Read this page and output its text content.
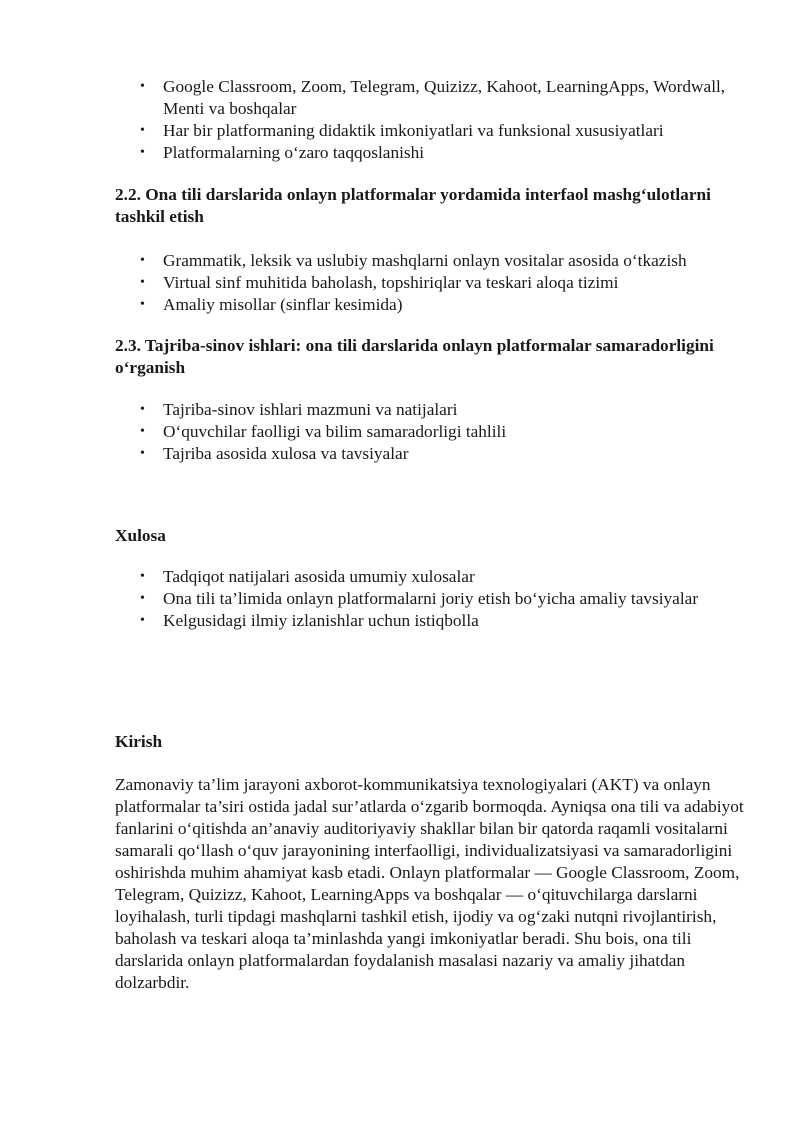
• Google Classroom, Zoom, Telegram, Quizizz, Kahoot, LearningApps, Wordwall, Menti va boshqalar
• Har bir platformaning didaktik imkoniyatlari va funksional xususiyatlari
• Platformalarning o‘zaro taqqoslanishi
2.2. Ona tili darslarida onlayn platformalar yordamida interfaol mashg‘ulotlarni tashkil etish
• Grammatik, leksik va uslubiy mashqlarni onlayn vositalar asosida o‘tkazish
• Virtual sinf muhitida baholash, topshiriqlar va teskari aloqa tizimi
• Amaliy misollar (sinflar kesimida)
2.3. Tajriba-sinov ishlari: ona tili darslarida onlayn platformalar samaradorligini o‘rganish
• Tajriba-sinov ishlari mazmuni va natijalari
• O‘quvchilar faolligi va bilim samaradorligi tahlili
• Tajriba asosida xulosa va tavsiyalar
Xulosa
• Tadqiqot natijalari asosida umumiy xulosalar
• Ona tili ta’limida onlayn platformalarni joriy etish bo‘yicha amaliy tavsiyalar
• Kelgusidagi ilmiy izlanishlar uchun istiqbolla
Kirish

Zamonaviy ta’lim jarayoni axborot-kommunikatsiya texnologiyalari (AKT) va onlayn platformalar ta’siri ostida jadal sur’atlarda o‘zgarib bormoqda. Ayniqsa ona tili va adabiyot fanlarini o‘qitishda an’anaviy auditoriyaviy shakllar bilan bir qatorda raqamli vositalarni samarali qo‘llash o‘quv jarayonining interfaolligi, individualizatsiyasi va samaradorligini oshirishda muhim ahamiyat kasb etadi. Onlayn platformalar — Google Classroom, Zoom, Telegram, Quizizz, Kahoot, LearningApps va boshqalar — o‘qituvchilarga darslarni loyihalash, turli tipdagi mashqlarni tashkil etish, ijodiy va og‘zaki nutqni rivojlantirish, baholash va teskari aloqa ta’minlashda yangi imkoniyatlar beradi. Shu bois, ona tili darslarida onlayn platformalardan foydalanish masalasi nazariy va amaliy jihatdan dolzarbdir.
